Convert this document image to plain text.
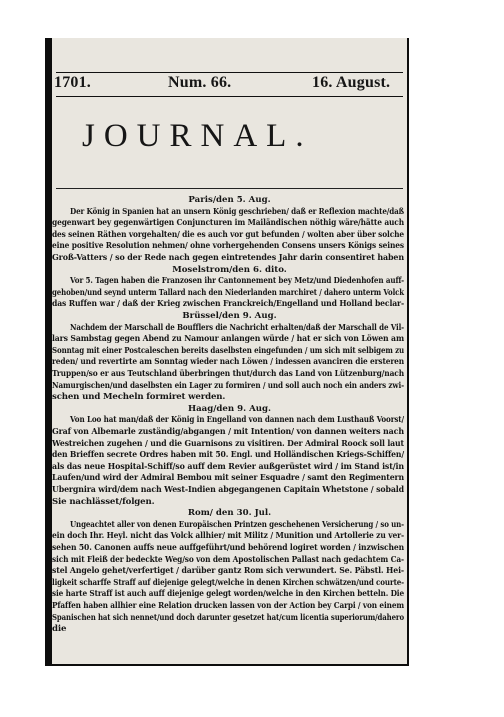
1701.	Num. 66.	16. August.
JOURNAL.
Paris/den 5. Aug.
Der König in Spanien hat an unsern König geschrieben/ daß er Reflexion machte/daß
gegenwart bey gegenwärtigen Conjuncturen im Mailändischen nöthig wäre/hätte auch
des seinen Räthen vorgehalten/ die es auch vor gut befunden / wolten aber über solche
eine positive Resolution nehmen/ ohne vorhergehenden Consens unsers Königs seines
Groß-Vatters / so der Rede nach gegen eintretendes Jahr darin consentiret haben
Moselstrom/den 6. dito.
Vor 5. Tagen haben die Franzosen ihr Cantonnement bey Metz/und Diedenhofen auff-
gehoben/und seynd unterm Tallard nach den Niederlanden marchiret / dahero unterm Volck
das Ruffen war / daß der Krieg zwischen Franckreich/Engelland und Holland beclar-
Brüssel/den 9. Aug.
Nachdem der Marschall de Boufflers die Nachricht erhalten/daß der Marschall de Vil-
lars Sambstag gegen Abend zu Namour anlangen würde / hat er sich von Löwen am
Sonntag mit einer Postcaleschen bereits daselbsten eingefunden / um sich mit selbigem zu
reden/ und revertirte am Sonntag wieder nach Löwen / indessen avanciren die ersteren
Truppen/so er aus Teutschland überbringen thut/durch das Land von Lützenburg/nach
Namurgischen/und daselbsten ein Lager zu formiren / und soll auch noch ein anders zwi-
schen und Mecheln formiret werden.
Haag/den 9. Aug.
Von Loo hat man/daß der König in Engelland von dannen nach dem Lusthauß Voorst/
Graf von Albemarle zuständig/abgangen / mit Intention/ von dannen weiters nach
Westreichen zugehen / und die Guarnisons zu visitiren. Der Admiral Roock soll laut
den Brieffen secrete Ordres haben mit 50. Engl. und Holländischen Kriegs-Schiffen/
als das neue Hospital-Schiff/so auff dem Revier außgerüstet wird / im Stand ist/in
Laufen/und wird der Admiral Bembou mit seiner Esquadre / samt den Regimentern
Ubergnira wird/dem nach West-Indien abgegangenen Capitain Whetstone / sobald
Sie nachlässet/folgen.
Rom/ den 30. Jul.
Ungeachtet aller von denen Europäischen Printzen geschehenen Versicherung / so un-
ein doch Ihr. Heyl. nicht das Volck allhier/ mit Militz / Munition und Artollerie zu ver-
sehen 50. Canonen auffs neue auffgeführt/und behörend logiret worden / inzwischen
sich mit Fleiß der bedeckte Weg/so von dem Apostolischen Pallast nach gedachtem Ca-
stel Angelo gehet/verfertiget / darüber gantz Rom sich verwundert. Se. Päbstl. Hei-
ligkeit scharffe Straff auf diejenige gelegt/welche in denen Kirchen schwätzen/und courte-
sie harte Straff ist auch auff diejenige gelegt worden/welche in den Kirchen betteln. Die
Pfaffen haben allhier eine Relation drucken lassen von der Action bey Carpi / von einem
Spanischen hat sich nennet/und doch darunter gesetzet hat/cum licentia superiorum/dahero
die
